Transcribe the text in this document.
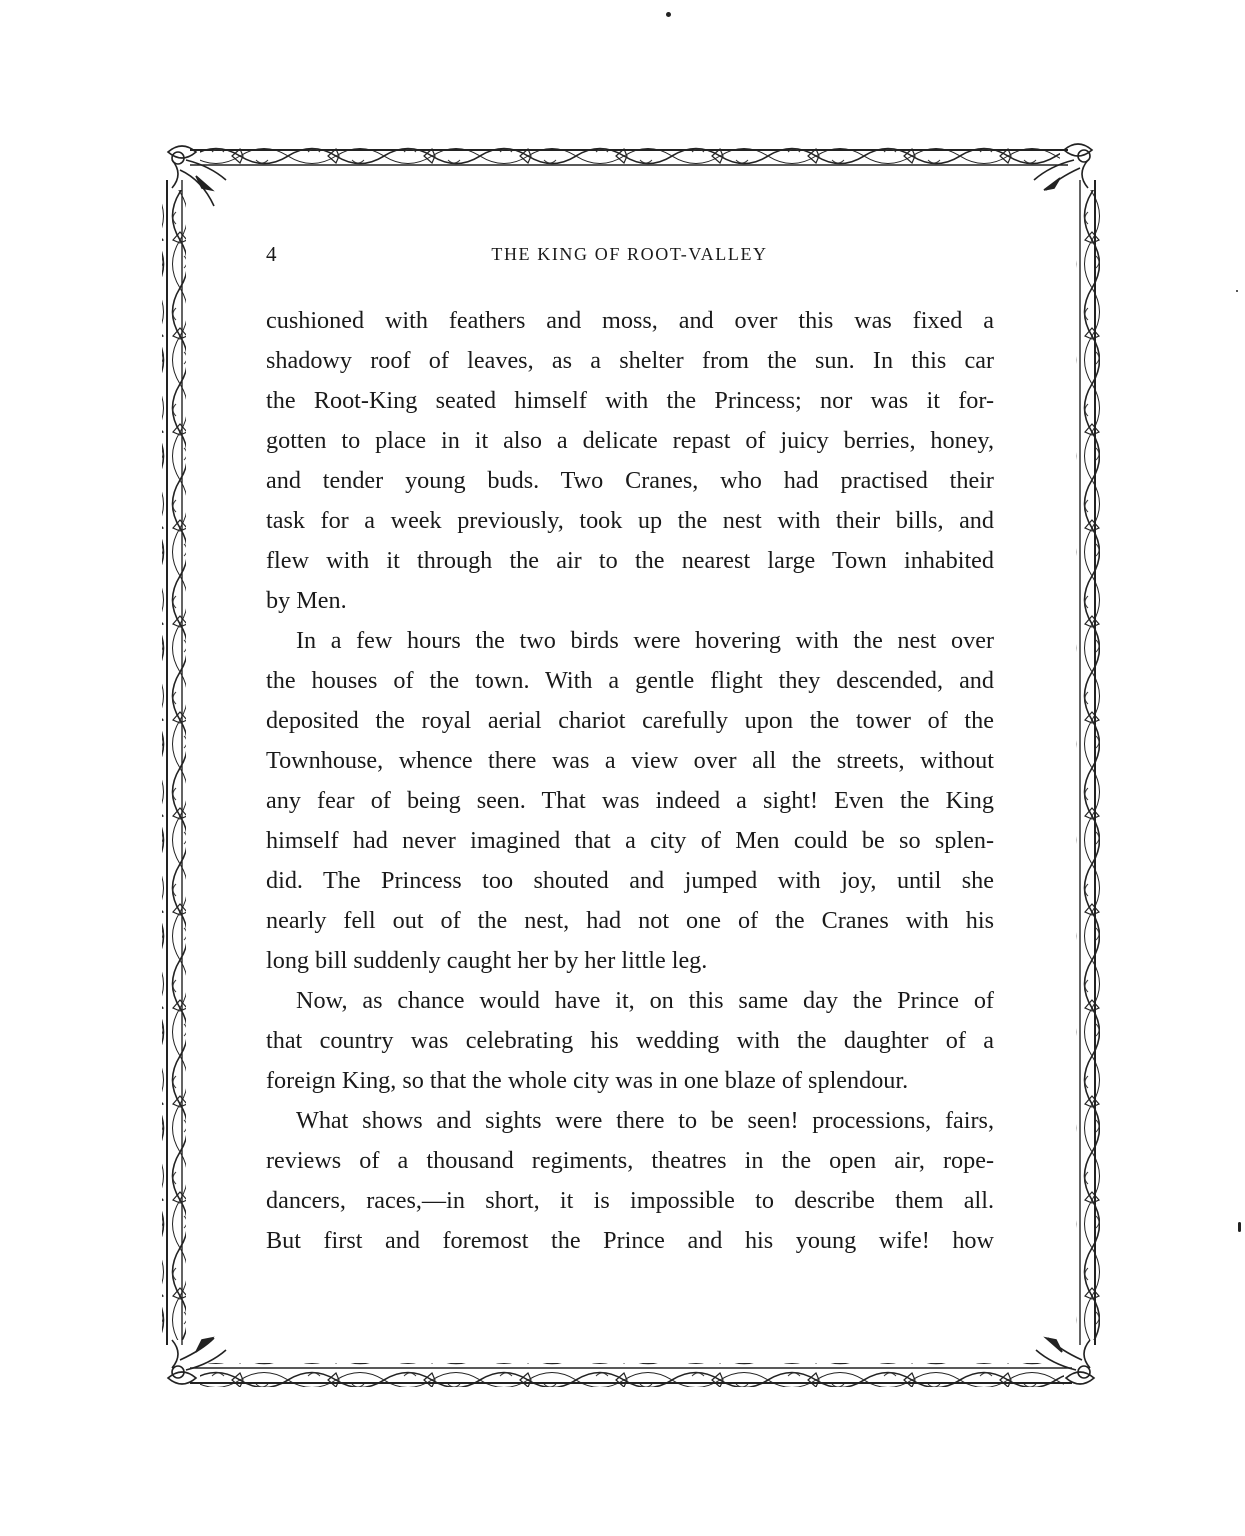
4	THE KING OF ROOT-VALLEY
cushioned with feathers and moss, and over this was fixed a
shadowy roof of leaves, as a shelter from the sun. In this car
the Root-King seated himself with the Princess; nor was it for-
gotten to place in it also a delicate repast of juicy berries, honey,
and tender young buds. Two Cranes, who had practised their
task for a week previously, took up the nest with their bills, and
flew with it through the air to the nearest large Town inhabited
by Men.
In a few hours the two birds were hovering with the nest over
the houses of the town. With a gentle flight they descended, and
deposited the royal aerial chariot carefully upon the tower of the
Townhouse, whence there was a view over all the streets, without
any fear of being seen. That was indeed a sight! Even the King
himself had never imagined that a city of Men could be so splen-
did. The Princess too shouted and jumped with joy, until she
nearly fell out of the nest, had not one of the Cranes with his
long bill suddenly caught her by her little leg.
Now, as chance would have it, on this same day the Prince of
that country was celebrating his wedding with the daughter of a
foreign King, so that the whole city was in one blaze of splendour.
What shows and sights were there to be seen! processions, fairs,
reviews of a thousand regiments, theatres in the open air, rope-
dancers, races,—in short, it is impossible to describe them all.
But first and foremost the Prince and his young wife! how
